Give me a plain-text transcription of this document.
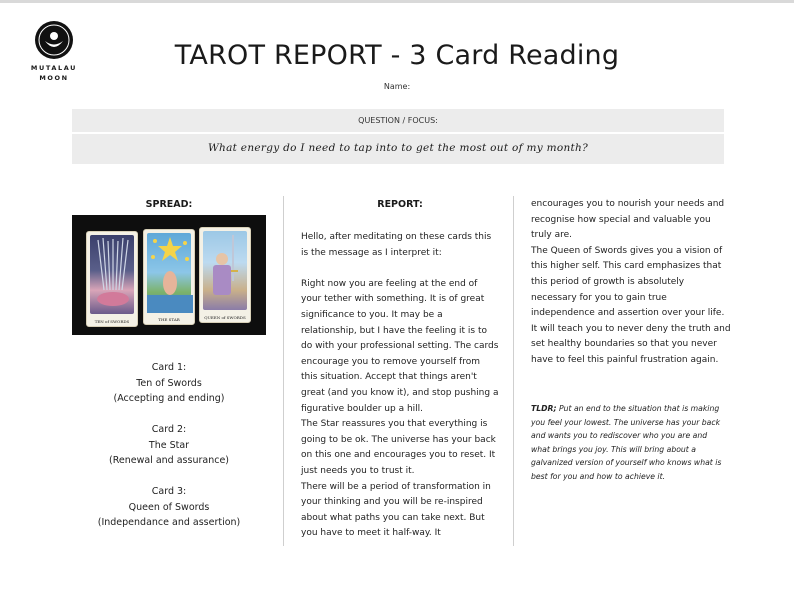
MUTALAU
MOON
TAROT REPORT - 3 Card Reading
Name:
QUESTION / FOCUS:
What energy do I need to tap into to get the most out of my month?
SPREAD:
TEN of SWORDS	THE STAR	QUEEN of SWORDS
Card 1:
Ten of Swords
(Accepting and ending)
Card 2:
The Star
(Renewal and assurance)
Card 3:
Queen of Swords
(Independance and assertion)
REPORT:

Hello, after meditating on these cards this is the message as I interpret it:

Right now you are feeling at the end of your tether with something. It is of great significance to you. It may be a relationship, but I have the feeling it is to do with your professional setting. The cards encourage you to remove yourself from this situation. Accept that things aren't great (and you know it), and stop pushing a figurative boulder up a hill.

The Star reassures you that everything is going to be ok. The universe has your back on this one and encourages you to reset. It just needs you to trust it.

There will be a period of transformation in your thinking and you will be re-inspired about what paths you can take next. But you have to meet it half-way. It

encourages you to nourish your needs and recognise how special and valuable you truly are.

The Queen of Swords gives you a vision of this higher self. This card emphasizes that this period of growth is absolutely necessary for you to gain true independence and assertion over your life. It will teach you to never deny the truth and set healthy boundaries so that you never have to feel this painful frustration again.

TLDR; Put an end to the situation that is making you feel your lowest. The universe has your back and wants you to rediscover who you are and what brings you joy. This will bring about a galvanized version of yourself who knows what is best for you and how to achieve it.
